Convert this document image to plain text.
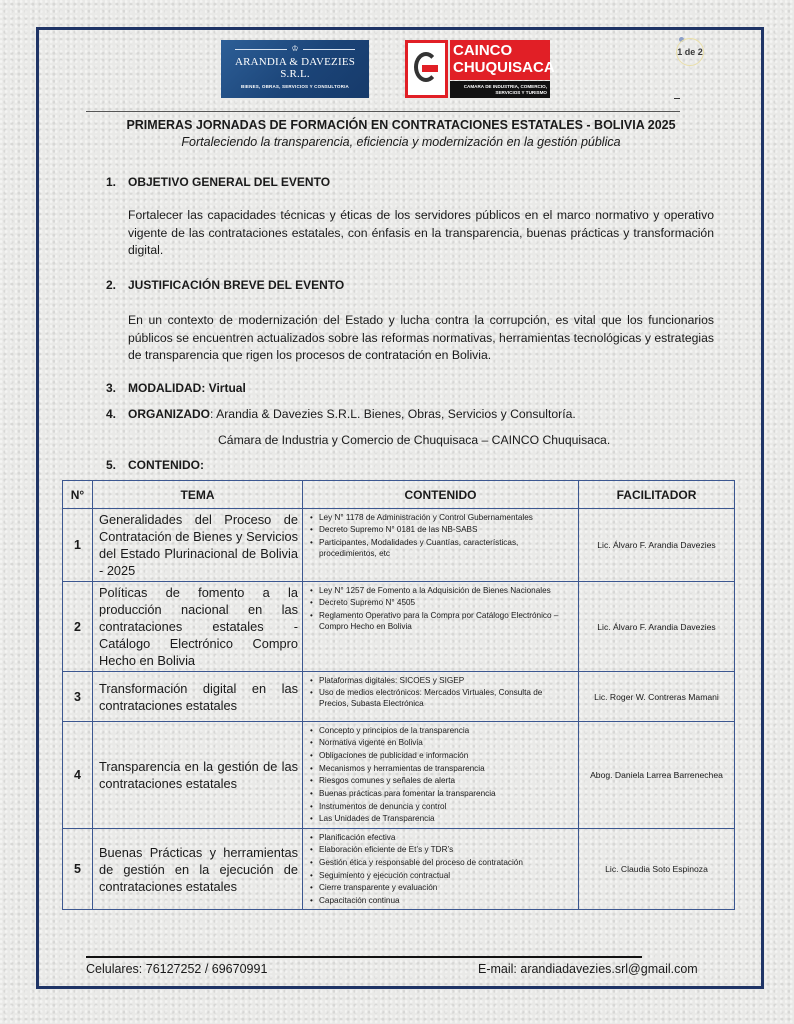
♔
ARANDIA & DAVEZIES S.R.L.
BIENES, OBRAS, SERVICIOS Y CONSULTORIA
CAINCO
CHUQUISACA
CAMARA DE INDUSTRIA, COMERCIO,
SERVICIOS Y TURISMO
1 de 2
PRIMERAS JORNADAS DE FORMACIÓN EN CONTRATACIONES ESTATALES - BOLIVIA 2025
Fortaleciendo la transparencia, eficiencia y modernización en la gestión pública
1. OBJETIVO GENERAL DEL EVENTO
Fortalecer las capacidades técnicas y éticas de los servidores públicos en el marco normativo y operativo vigente de las contrataciones estatales, con énfasis en la transparencia, buenas prácticas y transformación digital.
2. JUSTIFICACIÓN BREVE DEL EVENTO
En un contexto de modernización del Estado y lucha contra la corrupción, es vital que los funcionarios públicos se encuentren actualizados sobre las reformas normativas, herramientas tecnológicas y estrategias de transparencia que rigen los procesos de contratación en Bolivia.
3. MODALIDAD: Virtual
4. ORGANIZADO: Arandia & Davezies S.R.L. Bienes, Obras, Servicios y Consultoría.
Cámara de Industria y Comercio de Chuquisaca – CAINCO Chuquisaca.
5. CONTENIDO:
N°	TEMA	CONTENIDO	FACILITADOR
1	Generalidades del Proceso de Contratación de Bienes y Servicios del Estado Plurinacional de Bolivia - 2025	
• Ley N° 1178 de Administración y Control Gubernamentales
• Decreto Supremo N° 0181 de las NB-SABS
• Participantes, Modalidades y Cuantías, características, procedimientos, etc
	Lic. Álvaro F. Arandia Davezies
2	Políticas de fomento a la producción nacional en las contrataciones estatales - Catálogo Electrónico Compro Hecho en Bolivia	
• Ley N° 1257 de Fomento a la Adquisición de Bienes Nacionales
• Decreto Supremo N° 4505
• Reglamento Operativo para la Compra por Catálogo Electrónico – Compro Hecho en Bolivia	Lic. Álvaro F. Arandia Davezies
3	Transformación digital en las contrataciones estatales	
• Plataformas digitales: SICOES y SIGEP
• Uso de medios electrónicos: Mercados Virtuales, Consulta de Precios, Subasta Electrónica
	Lic. Roger W. Contreras Mamani
4	Transparencia en la gestión de las contrataciones estatales	
• Concepto y principios de la transparencia
• Normativa vigente en Bolivia
• Obligaciones de publicidad e información
• Mecanismos y herramientas de transparencia
• Riesgos comunes y señales de alerta
• Buenas prácticas para fomentar la transparencia
• Instrumentos de denuncia y control
• Las Unidades de Transparencia
	Abog. Daniela Larrea Barrenechea
5	Buenas Prácticas y herramientas de gestión en la ejecución de contrataciones estatales	
• Planificación efectiva
• Elaboración eficiente de Et’s y TDR’s
• Gestión ética y responsable del proceso de contratación
• Seguimiento y ejecución contractual
• Cierre transparente y evaluación
• Capacitación continua
	Lic. Claudia Soto Espinoza
Celulares: 76127252 / 69670991	E-mail: arandiadavezies.srl@gmail.com
